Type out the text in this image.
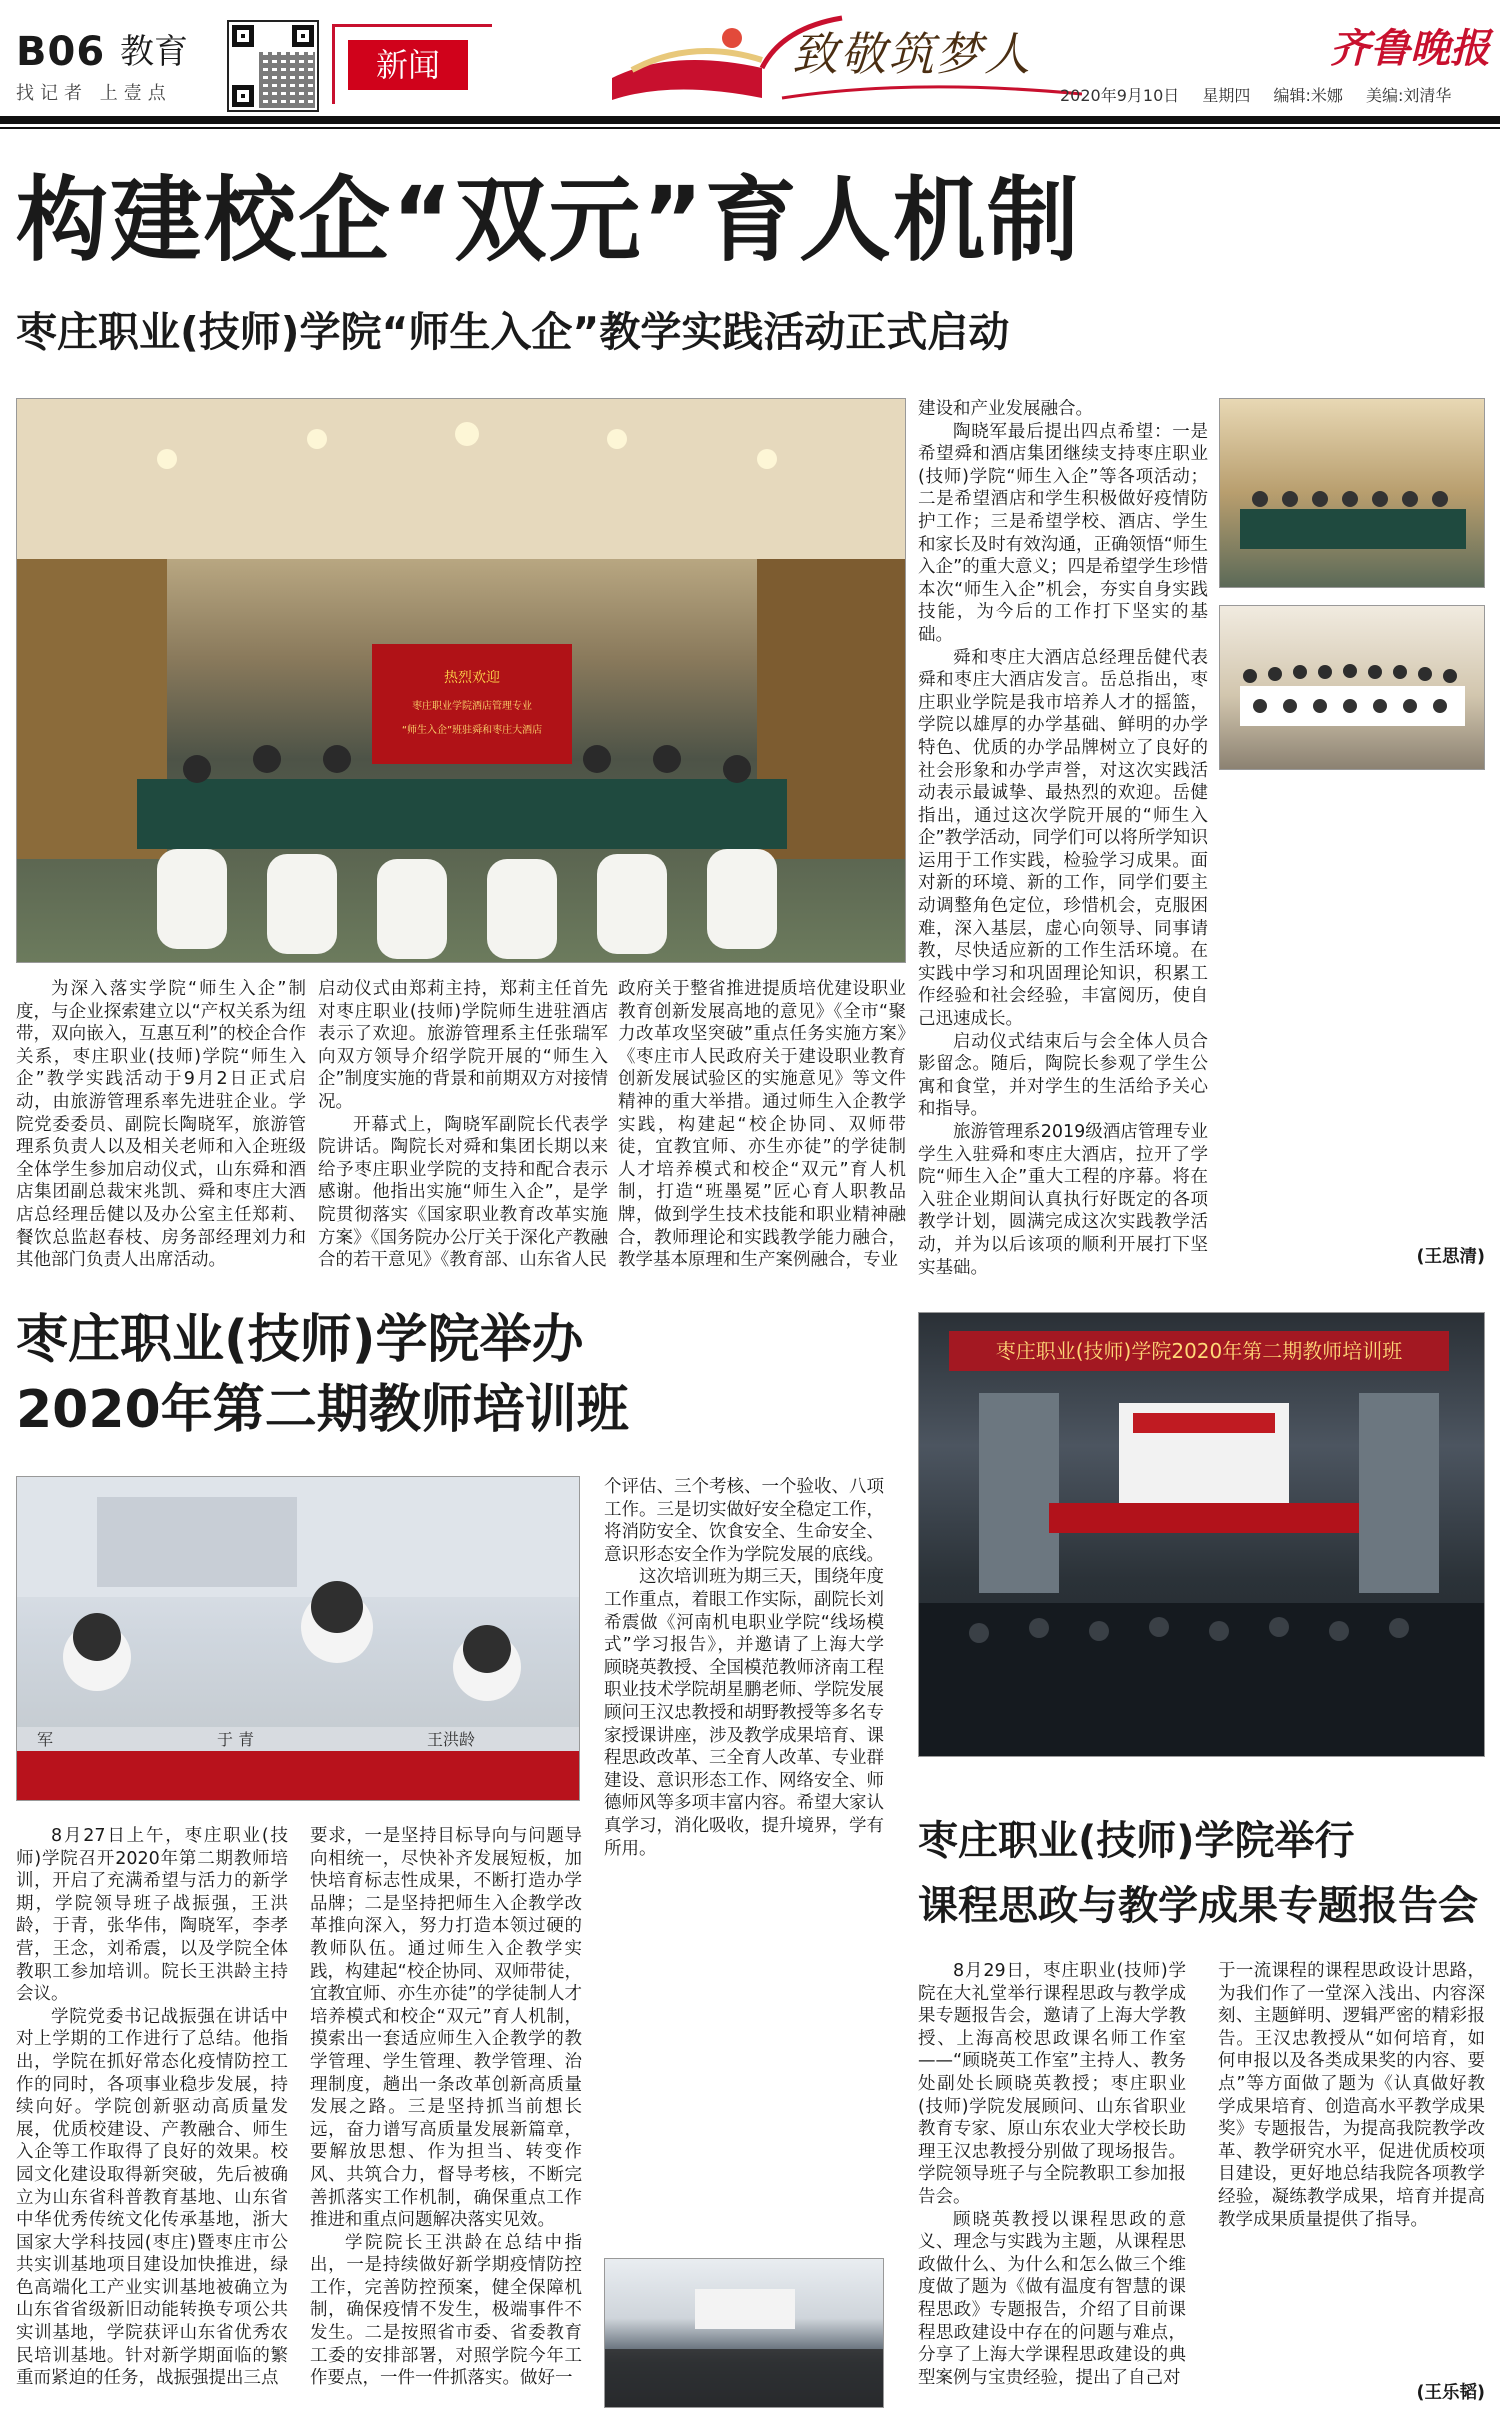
B06 教育
找记者 上壹点
新闻	致敬筑梦人	齐鲁晚报
2020年9月10日 星期四 编辑:米娜 美编:刘清华
构建校企“双元”育人机制
枣庄职业(技师)学院“师生入企”教学实践活动正式启动
热烈欢迎
枣庄职业学院酒店管理专业
“师生入企”班驻舜和枣庄大酒店

为深入落实学院“师生入企”制度，与企业探索建立以“产权关系为纽带，双向嵌入，互惠互利”的校企合作关系，枣庄职业(技师)学院“师生入企”教学实践活动于9月2日正式启动，由旅游管理系率先进驻企业。学院党委委员、副院长陶晓军，旅游管理系负责人以及相关老师和入企班级全体学生参加启动仪式，山东舜和酒店集团副总裁宋兆凯、舜和枣庄大酒店总经理岳健以及办公室主任郑莉、餐饮总监赵春枝、房务部经理刘力和其他部门负责人出席活动。

启动仪式由郑莉主持，郑莉主任首先对枣庄职业(技师)学院师生进驻酒店表示了欢迎。旅游管理系主任张瑞军向双方领导介绍学院开展的“师生入企”制度实施的背景和前期双方对接情况。

开幕式上，陶晓军副院长代表学院讲话。陶院长对舜和集团长期以来给予枣庄职业学院的支持和配合表示感谢。他指出实施“师生入企”，是学院贯彻落实《国家职业教育改革实施方案》《国务院办公厅关于深化产教融合的若干意见》《教育部、山东省人民

政府关于整省推进提质培优建设职业教育创新发展高地的意见》《全市“聚力改革攻坚突破”重点任务实施方案》《枣庄市人民政府关于建设职业教育创新发展试验区的实施意见》等文件精神的重大举措。通过师生入企教学实践，构建起“校企协同、双师带徒，宜教宜师、亦生亦徒”的学徒制人才培养模式和校企“双元”育人机制，打造“班墨冕”匠心育人职教品牌，做到学生技术技能和职业精神融合，教师理论和实践教学能力融合，教学基本原理和生产案例融合，专业

建设和产业发展融合。

陶晓军最后提出四点希望：一是希望舜和酒店集团继续支持枣庄职业(技师)学院“师生入企”等各项活动；二是希望酒店和学生积极做好疫情防护工作；三是希望学校、酒店、学生和家长及时有效沟通，正确领悟“师生入企”的重大意义；四是希望学生珍惜本次“师生入企”机会，夯实自身实践技能，为今后的工作打下坚实的基础。

舜和枣庄大酒店总经理岳健代表舜和枣庄大酒店发言。岳总指出，枣庄职业学院是我市培养人才的摇篮，学院以雄厚的办学基础、鲜明的办学特色、优质的办学品牌树立了良好的社会形象和办学声誉，对这次实践活动表示最诚挚、最热烈的欢迎。岳健指出，通过这次学院开展的“师生入企”教学活动，同学们可以将所学知识运用于工作实践，检验学习成果。面对新的环境、新的工作，同学们要主动调整角色定位，珍惜机会，克服困难，深入基层，虚心向领导、同事请教，尽快适应新的工作生活环境。在实践中学习和巩固理论知识，积累工作经验和社会经验，丰富阅历，使自己迅速成长。

启动仪式结束后与会全体人员合影留念。随后，陶院长参观了学生公寓和食堂，并对学生的生活给予关心和指导。

旅游管理系2019级酒店管理专业学生入驻舜和枣庄大酒店，拉开了学院“师生入企”重大工程的序幕。将在入驻企业期间认真执行好既定的各项教学计划，圆满完成这次实践教学活动，并为以后该项的顺利开展打下坚实基础。

(王思清)
枣庄职业(技师)学院举办
2020年第二期教师培训班
军	于 青	王洪龄

8月27日上午，枣庄职业(技师)学院召开2020年第二期教师培训，开启了充满希望与活力的新学期，学院领导班子战振强，王洪龄，于青，张华伟，陶晓军，李孝营，王念，刘希震，以及学院全体教职工参加培训。院长王洪龄主持会议。

学院党委书记战振强在讲话中对上学期的工作进行了总结。他指出，学院在抓好常态化疫情防控工作的同时，各项事业稳步发展，持续向好。学院创新驱动高质量发展，优质校建设、产教融合、师生入企等工作取得了良好的效果。校园文化建设取得新突破，先后被确立为山东省科普教育基地、山东省中华优秀传统文化传承基地，浙大国家大学科技园(枣庄)暨枣庄市公共实训基地项目建设加快推进，绿色高端化工产业实训基地被确立为山东省省级新旧动能转换专项公共实训基地，学院获评山东省优秀农民培训基地。针对新学期面临的繁重而紧迫的任务，战振强提出三点

要求，一是坚持目标导向与问题导向相统一，尽快补齐发展短板，加快培育标志性成果，不断打造办学品牌；二是坚持把师生入企教学改革推向深入，努力打造本领过硬的教师队伍。通过师生入企教学实践，构建起“校企协同、双师带徒，宜教宜师、亦生亦徒”的学徒制人才培养模式和校企“双元”育人机制，摸索出一套适应师生入企教学的教学管理、学生管理、教学管理、治理制度，趟出一条改革创新高质量发展之路。三是坚持抓当前想长远，奋力谱写高质量发展新篇章，要解放思想、作为担当、转变作风、共筑合力，督导考核，不断完善抓落实工作机制，确保重点工作推进和重点问题解决落实见效。

学院院长王洪龄在总结中指出，一是持续做好新学期疫情防控工作，完善防控预案，健全保障机制，确保疫情不发生，极端事件不发生。二是按照省市委、省委教育工委的安排部署，对照学院今年工作要点，一件一件抓落实。做好一

个评估、三个考核、一个验收、八项工作。三是切实做好安全稳定工作，将消防安全、饮食安全、生命安全、意识形态安全作为学院发展的底线。

这次培训班为期三天，围绕年度工作重点，着眼工作实际，副院长刘希震做《河南机电职业学院“线场模式”学习报告》，并邀请了上海大学顾晓英教授、全国模范教师济南工程职业技术学院胡星鹏老师、学院发展顾问王汉忠教授和胡野教授等多名专家授课讲座，涉及教学成果培育、课程思政改革、三全育人改革、专业群建设、意识形态工作、网络安全、师德师风等多项丰富内容。希望大家认真学习，消化吸收，提升境界，学有所用。

枣庄职业(技师)学院2020年第二期教师培训班
枣庄职业(技师)学院举行
课程思政与教学成果专题报告会

8月29日，枣庄职业(技师)学院在大礼堂举行课程思政与教学成果专题报告会，邀请了上海大学教授、上海高校思政课名师工作室——“顾晓英工作室”主持人、教务处副处长顾晓英教授；枣庄职业(技师)学院发展顾问、山东省职业教育专家、原山东农业大学校长助理王汉忠教授分别做了现场报告。学院领导班子与全院教职工参加报告会。

顾晓英教授以课程思政的意义、理念与实践为主题，从课程思政做什么、为什么和怎么做三个维度做了题为《做有温度有智慧的课程思政》专题报告，介绍了目前课程思政建设中存在的问题与难点，分享了上海大学课程思政建设的典型案例与宝贵经验，提出了自己对

于一流课程的课程思政设计思路，为我们作了一堂深入浅出、内容深刻、主题鲜明、逻辑严密的精彩报告。王汉忠教授从“如何培育，如何申报以及各类成果奖的内容、要点”等方面做了题为《认真做好教学成果培育、创造高水平教学成果奖》专题报告，为提高我院教学改革、教学研究水平，促进优质校项目建设，更好地总结我院各项教学经验，凝练教学成果，培育并提高教学成果质量提供了指导。

(王乐韬)
